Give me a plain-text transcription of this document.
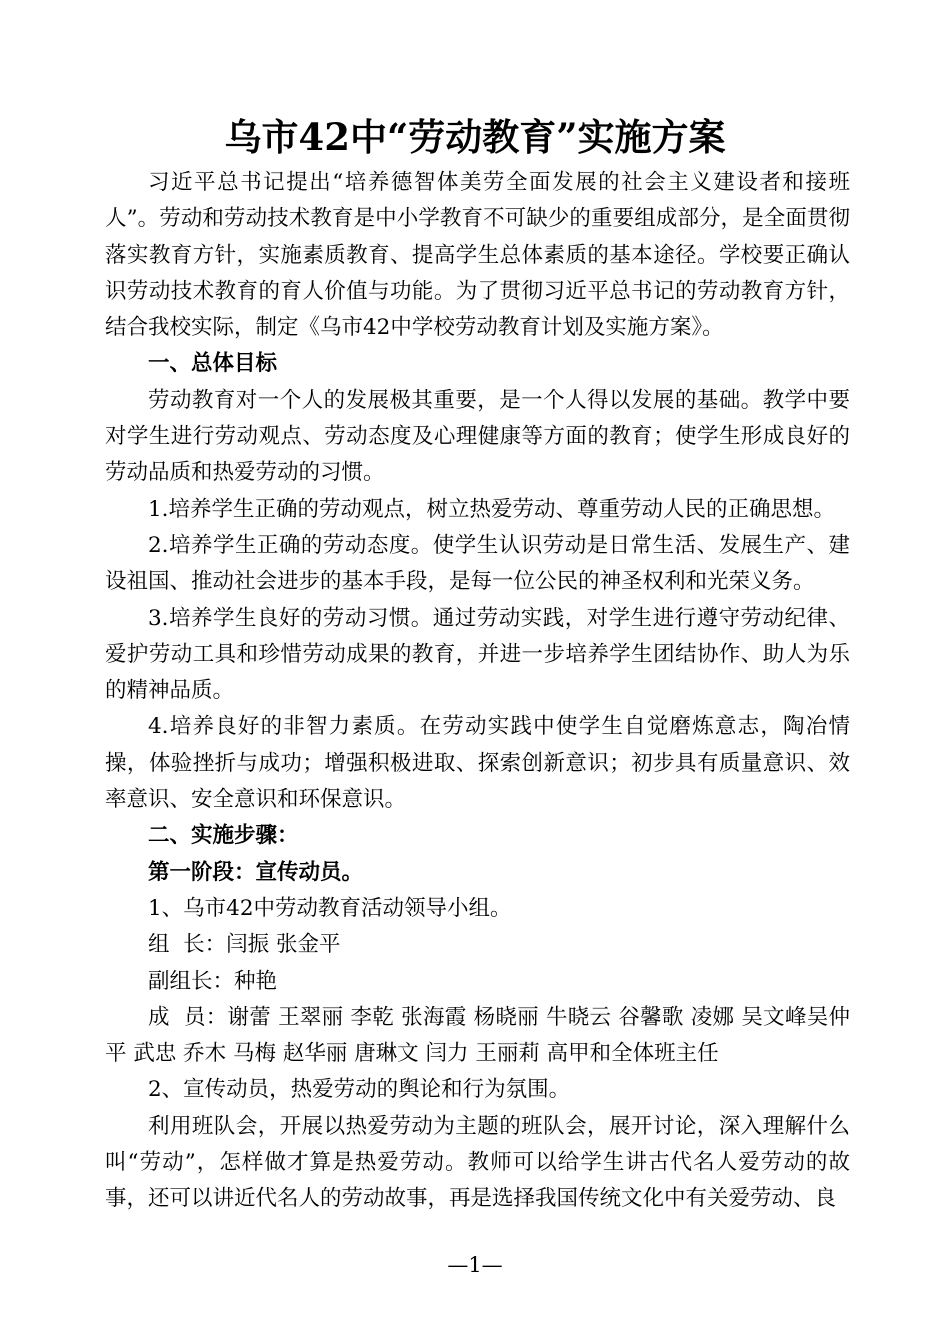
乌市42中“劳动教育”实施方案

习近平总书记提出“培养德智体美劳全面发展的社会主义建设者和接班人”。劳动和劳动技术教育是中小学教育不可缺少的重要组成部分，是全面贯彻落实教育方针，实施素质教育、提高学生总体素质的基本途径。学校要正确认识劳动技术教育的育人价值与功能。为了贯彻习近平总书记的劳动教育方针，结合我校实际，制定《乌市42中学校劳动教育计划及实施方案》。

一、总体目标

劳动教育对一个人的发展极其重要，是一个人得以发展的基础。教学中要对学生进行劳动观点、劳动态度及心理健康等方面的教育；使学生形成良好的劳动品质和热爱劳动的习惯。

1.培养学生正确的劳动观点，树立热爱劳动、尊重劳动人民的正确思想。

2.培养学生正确的劳动态度。使学生认识劳动是日常生活、发展生产、建设祖国、推动社会进步的基本手段，是每一位公民的神圣权利和光荣义务。

3.培养学生良好的劳动习惯。通过劳动实践，对学生进行遵守劳动纪律、爱护劳动工具和珍惜劳动成果的教育，并进一步培养学生团结协作、助人为乐的精神品质。

4.培养良好的非智力素质。在劳动实践中使学生自觉磨炼意志，陶冶情操，体验挫折与成功；增强积极进取、探索创新意识；初步具有质量意识、效率意识、安全意识和环保意识。

二、实施步骤：

第一阶段：宣传动员。

1、乌市42中劳动教育活动领导小组。

组  长：闫振 张金平

副组长：种艳

成  员：谢蕾 王翠丽 李乾 张海霞 杨晓丽 牛晓云 谷馨歌 凌娜 吴文峰吴仲平 武忠 乔木 马梅 赵华丽 唐琳文 闫力 王丽莉 高甲和全体班主任

2、宣传动员，热爱劳动的舆论和行为氛围。

利用班队会，开展以热爱劳动为主题的班队会，展开讨论，深入理解什么叫“劳动”，怎样做才算是热爱劳动。教师可以给学生讲古代名人爱劳动的故事，还可以讲近代名人的劳动故事，再是选择我国传统文化中有关爱劳动、良

—1—
